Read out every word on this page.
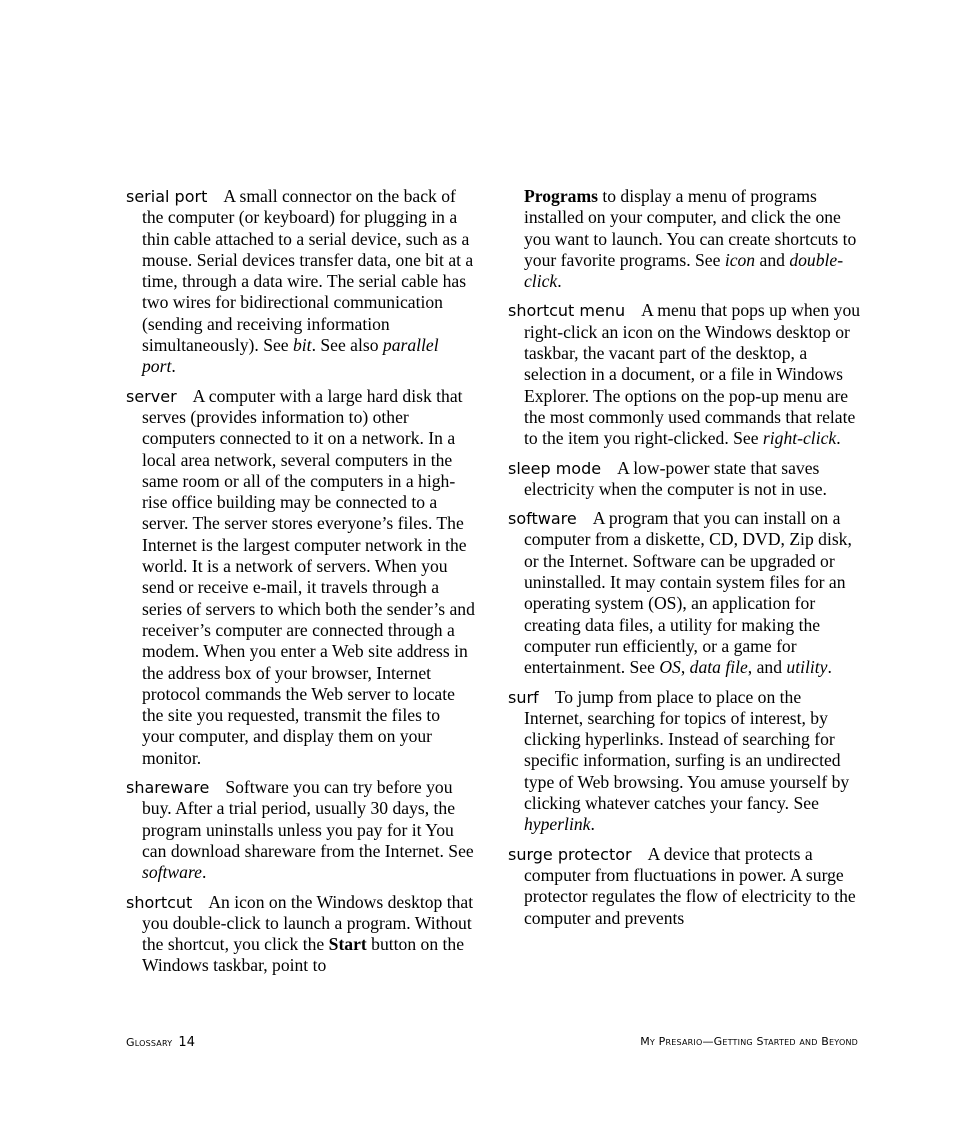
serial port A small connector on the back of the computer (or keyboard) for plugging in a thin cable attached to a serial device, such as a mouse. Serial devices transfer data, one bit at a time, through a data wire. The serial cable has two wires for bidirectional communication (sending and receiving information simultaneously). See bit. See also parallel port.

server A computer with a large hard disk that serves (provides information to) other computers connected to it on a network. In a local area network, several computers in the same room or all of the computers in a high-rise office building may be connected to a server. The server stores everyone’s files. The Internet is the largest computer network in the world. It is a network of servers. When you send or receive e-mail, it travels through a series of servers to which both the sender’s and receiver’s computer are connected through a modem. When you enter a Web site address in the address box of your browser, Internet protocol commands the Web server to locate the site you requested, transmit the files to your computer, and display them on your monitor.

shareware Software you can try before you buy. After a trial period, usually 30 days, the program uninstalls unless you pay for it You can download shareware from the Internet. See software.

shortcut An icon on the Windows desktop that you double-click to launch a program. Without the shortcut, you click the Start button on the Windows taskbar, point to

Programs to display a menu of programs installed on your computer, and click the one you want to launch. You can create shortcuts to your favorite programs. See icon and double-click.

shortcut menu A menu that pops up when you right-click an icon on the Windows desktop or taskbar, the vacant part of the desktop, a selection in a document, or a file in Windows Explorer. The options on the pop-up menu are the most commonly used commands that relate to the item you right-clicked. See right-click.

sleep mode A low-power state that saves electricity when the computer is not in use.

software A program that you can install on a computer from a diskette, CD, DVD, Zip disk, or the Internet. Software can be upgraded or uninstalled. It may contain system files for an operating system (OS), an application for creating data files, a utility for making the computer run efficiently, or a game for entertainment. See OS, data file, and utility.

surf To jump from place to place on the Internet, searching for topics of interest, by clicking hyperlinks. Instead of searching for specific information, surfing is an undirected type of Web browsing. You amuse yourself by clicking whatever catches your fancy. See hyperlink.

surge protector A device that protects a computer from fluctuations in power. A surge protector regulates the flow of electricity to the computer and prevents

Glossary 14	My Presario—Getting Started and Beyond
